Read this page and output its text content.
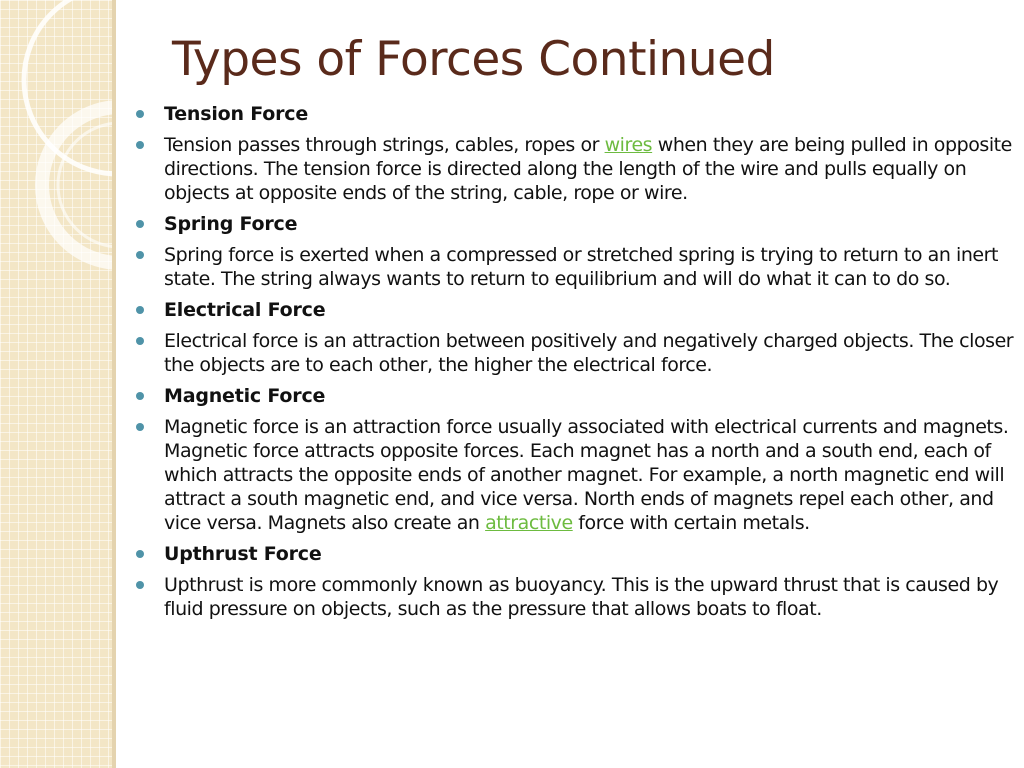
Types of Forces Continued
Tension Force
Tension passes through strings, cables, ropes or wires when they are being pulled in opposite directions. The tension force is directed along the length of the wire and pulls equally on objects at opposite ends of the string, cable, rope or wire.
Spring Force
Spring force is exerted when a compressed or stretched spring is trying to return to an inert state. The string always wants to return to equilibrium and will do what it can to do so.
Electrical Force
Electrical force is an attraction between positively and negatively charged objects. The closer the objects are to each other, the higher the electrical force.
Magnetic Force
Magnetic force is an attraction force usually associated with electrical currents and magnets. Magnetic force attracts opposite forces. Each magnet has a north and a south end, each of which attracts the opposite ends of another magnet. For example, a north magnetic end will attract a south magnetic end, and vice versa. North ends of magnets repel each other, and vice versa. Magnets also create an attractive force with certain metals.
Upthrust Force
Upthrust is more commonly known as buoyancy. This is the upward thrust that is caused by fluid pressure on objects, such as the pressure that allows boats to float.
